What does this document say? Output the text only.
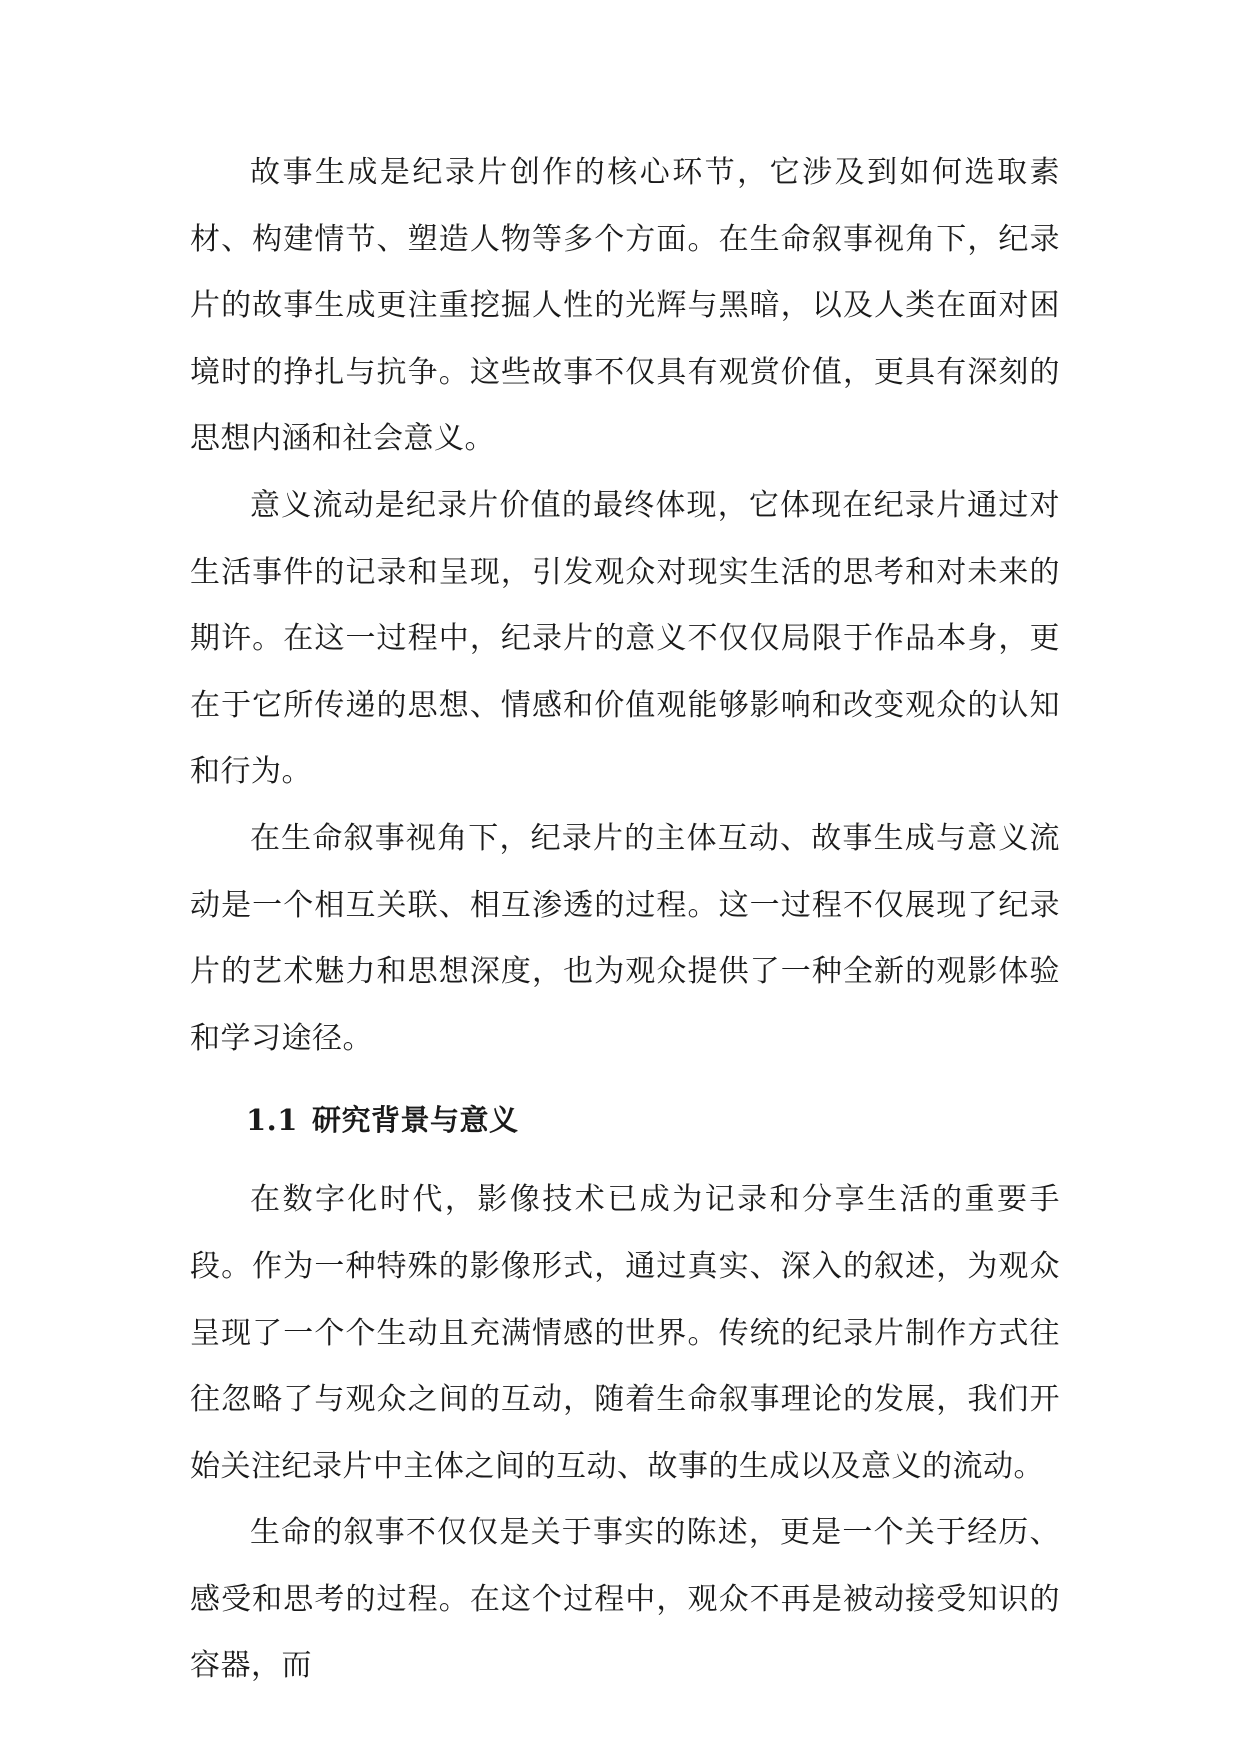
故事生成是纪录片创作的核心环节，它涉及到如何选取素材、构建情节、塑造人物等多个方面。在生命叙事视角下，纪录片的故事生成更注重挖掘人性的光辉与黑暗，以及人类在面对困境时的挣扎与抗争。这些故事不仅具有观赏价值，更具有深刻的思想内涵和社会意义。

意义流动是纪录片价值的最终体现，它体现在纪录片通过对生活事件的记录和呈现，引发观众对现实生活的思考和对未来的期许。在这一过程中，纪录片的意义不仅仅局限于作品本身，更在于它所传递的思想、情感和价值观能够影响和改变观众的认知和行为。

在生命叙事视角下，纪录片的主体互动、故事生成与意义流动是一个相互关联、相互渗透的过程。这一过程不仅展现了纪录片的艺术魅力和思想深度，也为观众提供了一种全新的观影体验和学习途径。

1.1 研究背景与意义

在数字化时代，影像技术已成为记录和分享生活的重要手段。作为一种特殊的影像形式，通过真实、深入的叙述，为观众呈现了一个个生动且充满情感的世界。传统的纪录片制作方式往往忽略了与观众之间的互动，随着生命叙事理论的发展，我们开始关注纪录片中主体之间的互动、故事的生成以及意义的流动。

生命的叙事不仅仅是关于事实的陈述，更是一个关于经历、感受和思考的过程。在这个过程中，观众不再是被动接受知识的容器，而
